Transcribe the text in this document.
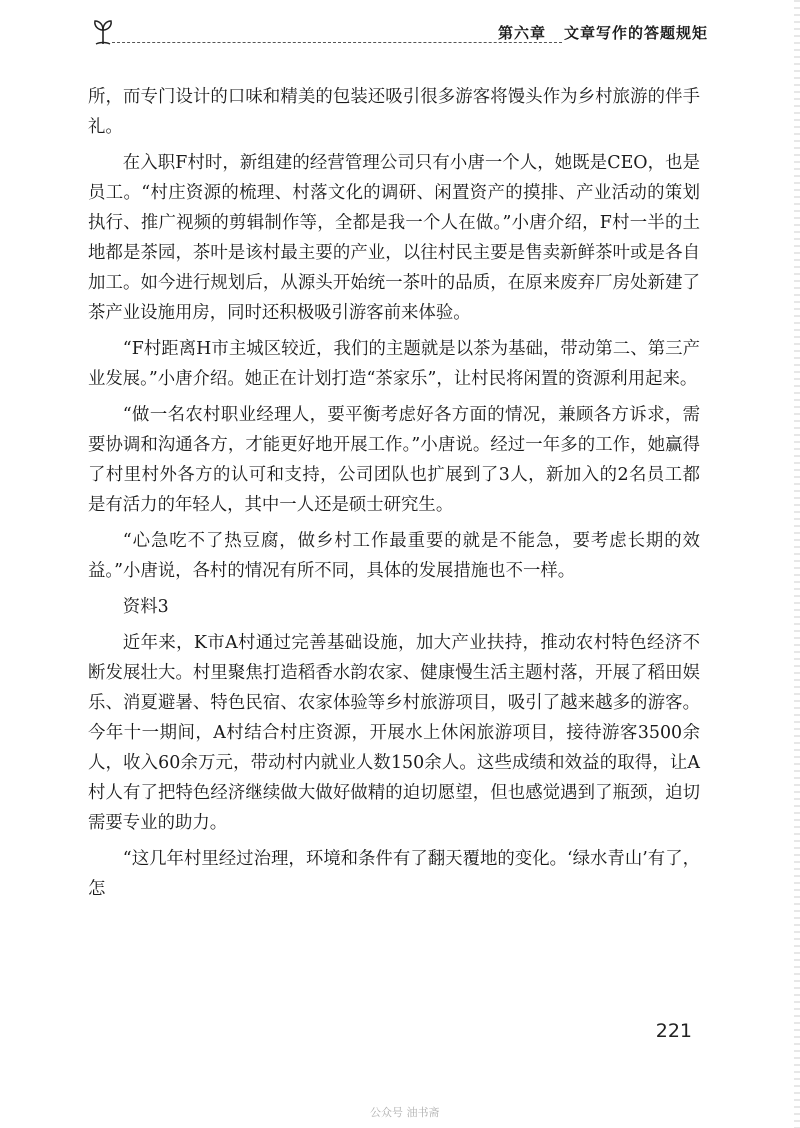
第六章 文章写作的答题规矩

所，而专门设计的口味和精美的包装还吸引很多游客将馒头作为乡村旅游的伴手礼。

在入职F村时，新组建的经营管理公司只有小唐一个人，她既是CEO，也是员工。“村庄资源的梳理、村落文化的调研、闲置资产的摸排、产业活动的策划执行、推广视频的剪辑制作等，全都是我一个人在做。”小唐介绍，F村一半的土地都是茶园，茶叶是该村最主要的产业，以往村民主要是售卖新鲜茶叶或是各自加工。如今进行规划后，从源头开始统一茶叶的品质，在原来废弃厂房处新建了茶产业设施用房，同时还积极吸引游客前来体验。

“F村距离H市主城区较近，我们的主题就是以茶为基础，带动第二、第三产业发展。”小唐介绍。她正在计划打造“茶家乐”，让村民将闲置的资源利用起来。

“做一名农村职业经理人，要平衡考虑好各方面的情况，兼顾各方诉求，需要协调和沟通各方，才能更好地开展工作。”小唐说。经过一年多的工作，她赢得了村里村外各方的认可和支持，公司团队也扩展到了3人，新加入的2名员工都是有活力的年轻人，其中一人还是硕士研究生。

“心急吃不了热豆腐，做乡村工作最重要的就是不能急，要考虑长期的效益。”小唐说，各村的情况有所不同，具体的发展措施也不一样。

资料3

近年来，K市A村通过完善基础设施，加大产业扶持，推动农村特色经济不断发展壮大。村里聚焦打造稻香水韵农家、健康慢生活主题村落，开展了稻田娱乐、消夏避暑、特色民宿、农家体验等乡村旅游项目，吸引了越来越多的游客。今年十一期间，A村结合村庄资源，开展水上休闲旅游项目，接待游客3500余人，收入60余万元，带动村内就业人数150余人。这些成绩和效益的取得，让A村人有了把特色经济继续做大做好做精的迫切愿望，但也感觉遇到了瓶颈，迫切需要专业的助力。

“这几年村里经过治理，环境和条件有了翻天覆地的变化。‘绿水青山’有了，怎

221
公众号 油书斋
